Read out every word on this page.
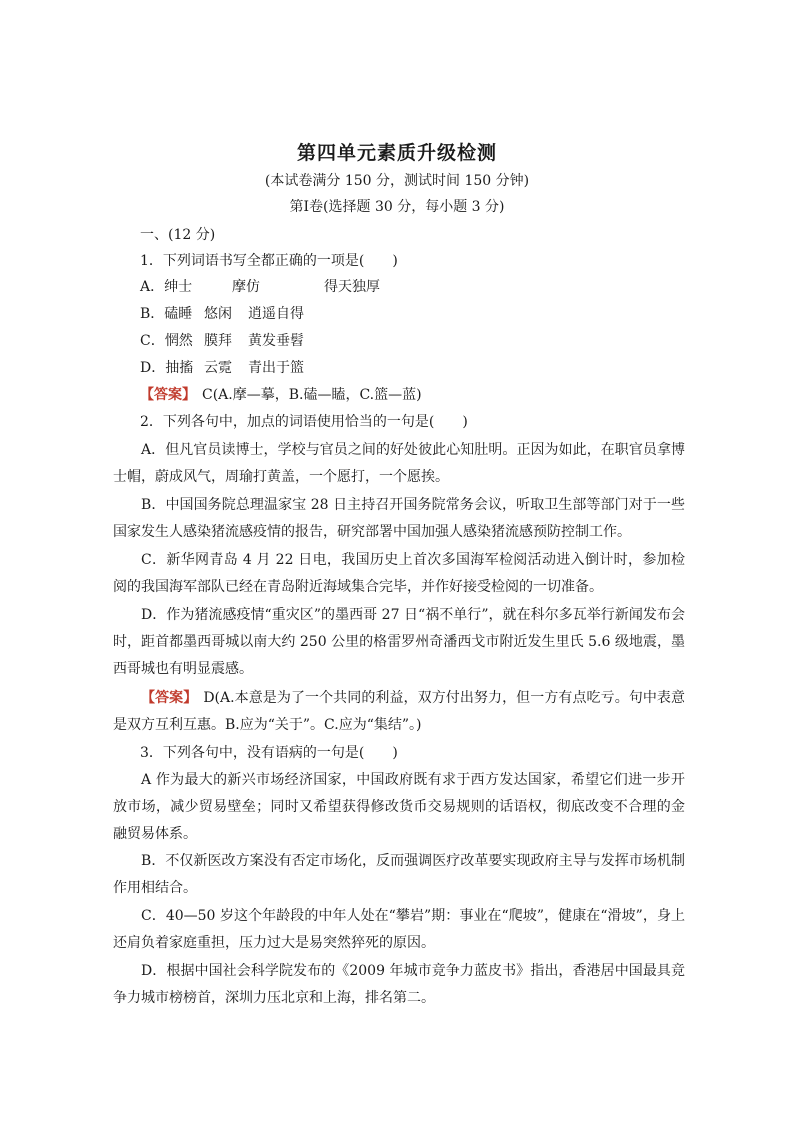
第四单元素质升级检测
(本试卷满分 150 分，测试时间 150 分钟)
第Ⅰ卷(选择题 30 分，每小题 3 分)
一、(12 分)
1．下列词语书写全都正确的一项是(　　)
A．绅士	摩仿	得天独厚
B．磕睡 悠闲 逍遥自得
C．惘然 膜拜 黄发垂髫
D．抽搐 云霓 青出于篮
【答案】 C(A.摩—摹，B.磕—瞌，C.篮—蓝)
2．下列各句中，加点的词语使用恰当的一句是(　　)
A．但凡官员读博士，学校与官员之间的好处彼此心知肚明。正因为如此，在职官员拿博士帽，蔚成风气，周瑜打黄盖，一个愿打，一个愿挨。
B．中国国务院总理温家宝 28 日主持召开国务院常务会议，听取卫生部等部门对于一些国家发生人感染猪流感疫情的报告，研究部署中国加强人感染猪流感预防控制工作。
C．新华网青岛 4 月 22 日电，我国历史上首次多国海军检阅活动进入倒计时，参加检阅的我国海军部队已经在青岛附近海域集合完毕，并作好接受检阅的一切准备。
D．作为猪流感疫情“重灾区”的墨西哥 27 日“祸不单行”，就在科尔多瓦举行新闻发布会时，距首都墨西哥城以南大约 250 公里的格雷罗州奇潘西戈市附近发生里氏 5.6 级地震，墨西哥城也有明显震感。
【答案】 D(A.本意是为了一个共同的利益，双方付出努力，但一方有点吃亏。句中表意是双方互利互惠。B.应为“关于”。C.应为“集结”。)
3．下列各句中，没有语病的一句是(　　)
A 作为最大的新兴市场经济国家，中国政府既有求于西方发达国家，希望它们进一步开放市场，减少贸易壁垒；同时又希望获得修改货币交易规则的话语权，彻底改变不合理的金融贸易体系。
B．不仅新医改方案没有否定市场化，反而强调医疗改革要实现政府主导与发挥市场机制作用相结合。
C．40—50 岁这个年龄段的中年人处在“攀岩”期：事业在“爬坡”，健康在“滑坡”，身上还肩负着家庭重担，压力过大是易突然猝死的原因。
D．根据中国社会科学院发布的《2009 年城市竞争力蓝皮书》指出，香港居中国最具竞争力城市榜榜首，深圳力压北京和上海，排名第二。
